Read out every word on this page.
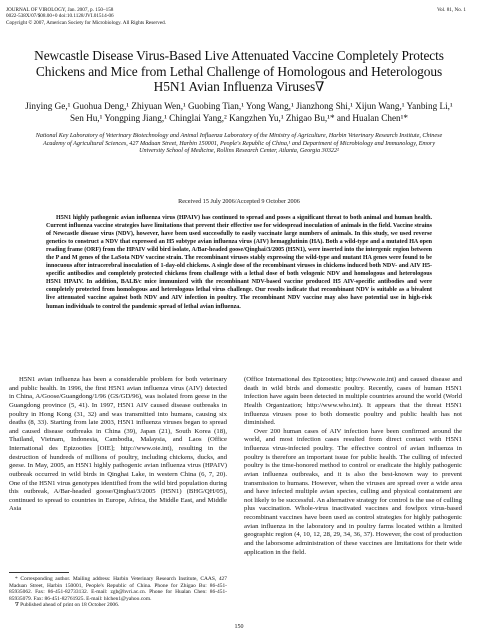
JOURNAL OF VIROLOGY, Jan. 2007, p. 150–158
0022-538X/07/$08.00+0 doi:10.1128/JVI.01514-06
Copyright © 2007, American Society for Microbiology. All Rights Reserved.
Vol. 81, No. 1
Newcastle Disease Virus-Based Live Attenuated Vaccine Completely Protects Chickens and Mice from Lethal Challenge of Homologous and Heterologous H5N1 Avian Influenza Viruses∇
Jinying Ge,¹ Guohua Deng,¹ Zhiyuan Wen,¹ Guobing Tian,¹ Yong Wang,¹ Jianzhong Shi,¹ Xijun Wang,¹ Yanbing Li,¹ Sen Hu,¹ Yongping Jiang,¹ Chinglai Yang,² Kangzhen Yu,¹ Zhigao Bu,¹* and Hualan Chen¹*
National Key Laboratory of Veterinary Biotechnology and Animal Influenza Laboratory of the Ministry of Agriculture, Harbin Veterinary Research Institute, Chinese Academy of Agricultural Sciences, 427 Maduan Street, Harbin 150001, People's Republic of China,¹ and Department of Microbiology and Immunology, Emory University School of Medicine, Rollins Research Center, Atlanta, Georgia 30322²
Received 15 July 2006/Accepted 9 October 2006
H5N1 highly pathogenic avian influenza virus (HPAIV) has continued to spread and poses a significant threat to both animal and human health. Current influenza vaccine strategies have limitations that prevent their effective use for widespread inoculation of animals in the field. Vaccine strains of Newcastle disease virus (NDV), however, have been used successfully to easily vaccinate large numbers of animals. In this study, we used reverse genetics to construct a NDV that expressed an H5 subtype avian influenza virus (AIV) hemagglutinin (HA). Both a wild-type and a mutated HA open reading frame (ORF) from the HPAIV wild bird isolate, A/Bar-headed goose/Qinghai/3/2005 (H5N1), were inserted into the intergenic region between the P and M genes of the LaSota NDV vaccine strain. The recombinant viruses stably expressing the wild-type and mutant HA genes were found to be innocuous after intracerebral inoculation of 1-day-old chickens. A single dose of the recombinant viruses in chickens induced both NDV- and AIV H5-specific antibodies and completely protected chickens from challenge with a lethal dose of both velogenic NDV and homologous and heterologous H5N1 HPAIV. In addition, BALB/c mice immunized with the recombinant NDV-based vaccine produced H5 AIV-specific antibodies and were completely protected from homologous and heterologous lethal virus challenge. Our results indicate that recombinant NDV is suitable as a bivalent live attenuated vaccine against both NDV and AIV infection in poultry. The recombinant NDV vaccine may also have potential use in high-risk human individuals to control the pandemic spread of lethal avian influenza.

H5N1 avian influenza has been a considerable problem for both veterinary and public health. In 1996, the first H5N1 avian influenza virus (AIV) detected in China, A/Goose/Guangdong/1/96 (GS/GD/96), was isolated from geese in the Guangdong province (5, 41). In 1997, H5N1 AIV caused disease outbreaks in poultry in Hong Kong (31, 32) and was transmitted into humans, causing six deaths (8, 33). Starting from late 2003, H5N1 influenza viruses began to spread and caused disease outbreaks in China (39), Japan (21), South Korea (18), Thailand, Vietnam, Indonesia, Cambodia, Malaysia, and Laos (Office International des Epizooties [OIE]; http://www.oie.int), resulting in the destruction of hundreds of millions of poultry, including chickens, ducks, and geese. In May, 2005, an H5N1 highly pathogenic avian influenza virus (HPAIV) outbreak occurred in wild birds in Qinghai Lake, in western China (6, 7, 20). One of the H5N1 virus genotypes identified from the wild bird population during this outbreak, A/Bar-headed goose/Qinghai/3/2005 (H5N1) (BHG/QH/05), continued to spread to countries in Europe, Africa, the Middle East, and Middle Asia

(Office International des Epizooties; http://www.oie.int) and caused disease and death in wild birds and domestic poultry. Recently, cases of human H5N1 infection have again been detected in multiple countries around the world (World Health Organization; http://www.who.int). It appears that the threat H5N1 influenza viruses pose to both domestic poultry and public health has not diminished.

Over 200 human cases of AIV infection have been confirmed around the world, and most infection cases resulted from direct contact with H5N1 influenza virus-infected poultry. The effective control of avian influenza in poultry is therefore an important issue for public health. The culling of infected poultry is the time-honored method to control or eradicate the highly pathogenic avian influenza outbreaks, and it is also the best-known way to prevent transmission to humans. However, when the viruses are spread over a wide area and have infected multiple avian species, culling and physical containment are not likely to be successful. An alternative strategy for control is the use of culling plus vaccination. Whole-virus inactivated vaccines and fowlpox virus-based recombinant vaccines have been used as control strategies for highly pathogenic avian influenza in the laboratory and in poultry farms located within a limited geographic region (4, 10, 12, 28, 29, 34, 36, 37). However, the cost of production and the laborsome administration of these vaccines are limitations for their wide application in the field.

* Corresponding author. Mailing address: Harbin Veterinary Research Institute, CAAS, 427 Maduan Street, Harbin 150001, People's Republic of China. Phone for Zhigao Bu: 86-451-85935062. Fax: 86-451-82733132. E-mail: zgb@hvri.ac.cn. Phone for Hualan Chen: 86-451-85935079. Fax: 86-451-82761925. E-mail: hlchen1@yahoo.com.

∇ Published ahead of print on 18 October 2006.

150
